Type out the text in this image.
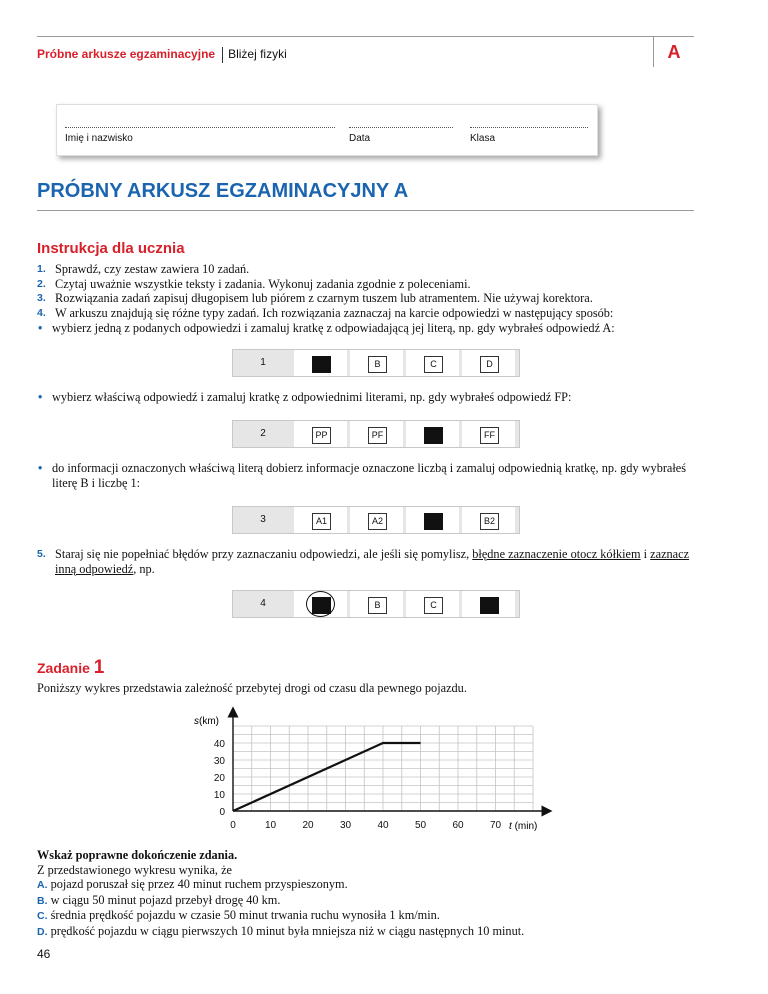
Próbne arkusze egzaminacyjne Bliżej fizyki	A
Imię i nazwisko	Data	Klasa
PRÓBNY ARKUSZ EGZAMINACYJNY A
Instrukcja dla ucznia
1. Sprawdź, czy zestaw zawiera 10 zadań.
2. Czytaj uważnie wszystkie teksty i zadania. Wykonuj zadania zgodnie z poleceniami.
3. Rozwiązania zadań zapisuj długopisem lub piórem z czarnym tuszem lub atramentem. Nie używaj korektora.
4. W arkuszu znajdują się różne typy zadań. Ich rozwiązania zaznaczaj na karcie odpowiedzi w następujący sposób:
• wybierz jedną z podanych odpowiedzi i zamaluj kratkę z odpowiadającą jej literą, np. gdy wybrałeś odpowiedź A:
1	B	C	D
• wybierz właściwą odpowiedź i zamaluj kratkę z odpowiednimi literami, np. gdy wybrałeś odpowiedź FP:
2	PP	PF	FF
• do informacji oznaczonych właściwą literą dobierz informacje oznaczone liczbą i zamaluj odpowiednią kratkę, np. gdy wybrałeś literę B i liczbę 1:
3	A1	A2	B2
5. Staraj się nie popełniać błędów przy zaznaczaniu odpowiedzi, ale jeśli się pomylisz, błędne zaznaczenie otocz kółkiem i zaznacz inną odpowiedź, np.
4	B	C
Zadanie 1
Poniższy wykres przedstawia zależność przebytej drogi od czasu dla pewnego pojazdu.
0	10	20	30	40	50	60	70
0
10
20
30
40
s(km)
t (min)
Wskaż poprawne dokończenie zdania.
Z przedstawionego wykresu wynika, że
A. pojazd poruszał się przez 40 minut ruchem przyspieszonym.
B. w ciągu 50 minut pojazd przebył drogę 40 km.
C. średnia prędkość pojazdu w czasie 50 minut trwania ruchu wynosiła 1 km/min.
D. prędkość pojazdu w ciągu pierwszych 10 minut była mniejsza niż w ciągu następnych 10 minut.
46
